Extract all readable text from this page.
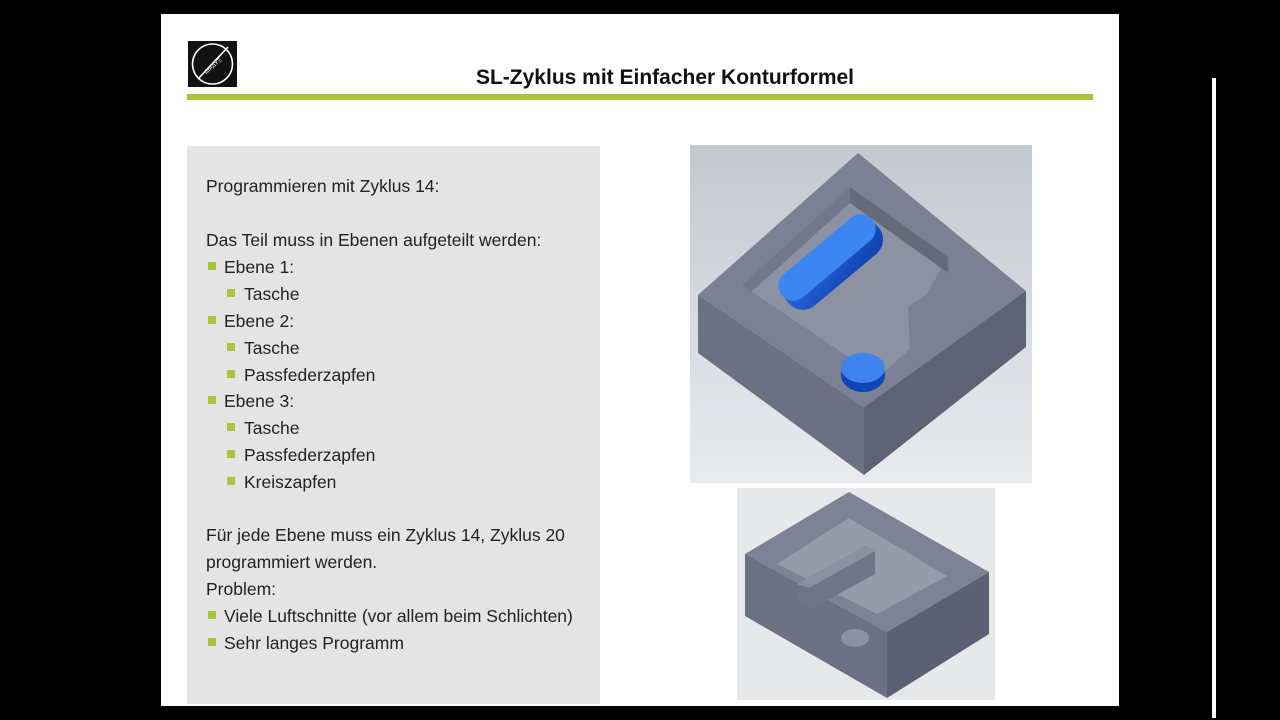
ΔΙΑΔΥΞ	SL-Zyklus mit Einfacher Konturformel
Programmieren mit Zyklus 14:
Das Teil muss in Ebenen aufgeteilt werden:
Ebene 1:
Tasche
Ebene 2:
Tasche
Passfederzapfen
Ebene 3:
Tasche
Passfederzapfen
Kreiszapfen
Für jede Ebene muss ein Zyklus 14, Zyklus 20
programmiert werden.
Problem:
Viele Luftschnitte (vor allem beim Schlichten)
Sehr langes Programm
